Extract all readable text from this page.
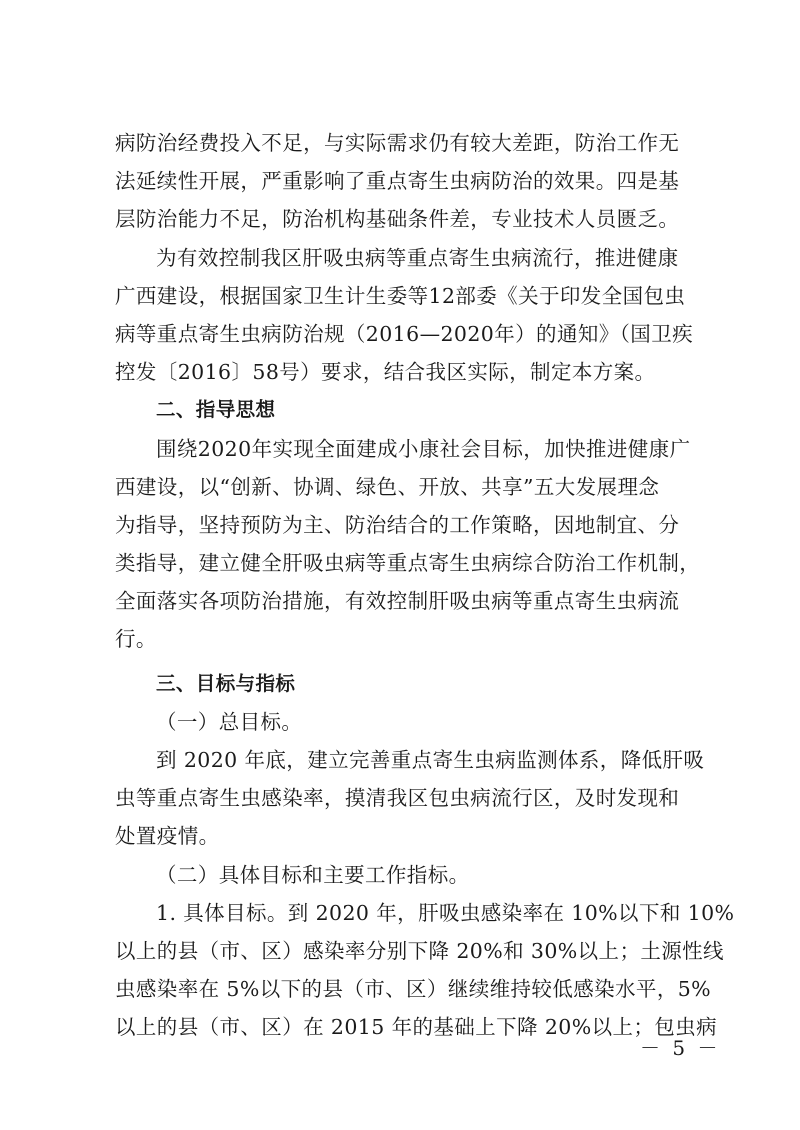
病防治经费投入不足，与实际需求仍有较大差距，防治工作无
法延续性开展，严重影响了重点寄生虫病防治的效果。四是基
层防治能力不足，防治机构基础条件差，专业技术人员匮乏。
为有效控制我区肝吸虫病等重点寄生虫病流行，推进健康
广西建设，根据国家卫生计生委等12部委《关于印发全国包虫
病等重点寄生虫病防治规（2016—2020年）的通知》（国卫疾
控发〔2016〕58号）要求，结合我区实际，制定本方案。
二、指导思想
围绕2020年实现全面建成小康社会目标，加快推进健康广
西建设，以“创新、协调、绿色、开放、共享”五大发展理念
为指导，坚持预防为主、防治结合的工作策略，因地制宜、分
类指导，建立健全肝吸虫病等重点寄生虫病综合防治工作机制，
全面落实各项防治措施，有效控制肝吸虫病等重点寄生虫病流
行。
三、目标与指标
（一）总目标。
到 2020 年底，建立完善重点寄生虫病监测体系，降低肝吸
虫等重点寄生虫感染率，摸清我区包虫病流行区，及时发现和
处置疫情。
（二）具体目标和主要工作指标。
1. 具体目标。到 2020 年，肝吸虫感染率在 10%以下和 10%
以上的县（市、区）感染率分别下降 20%和 30%以上；土源性线
虫感染率在 5%以下的县（市、区）继续维持较低感染水平，5%
以上的县（市、区）在 2015 年的基础上下降 20%以上；包虫病
－ 5 －
